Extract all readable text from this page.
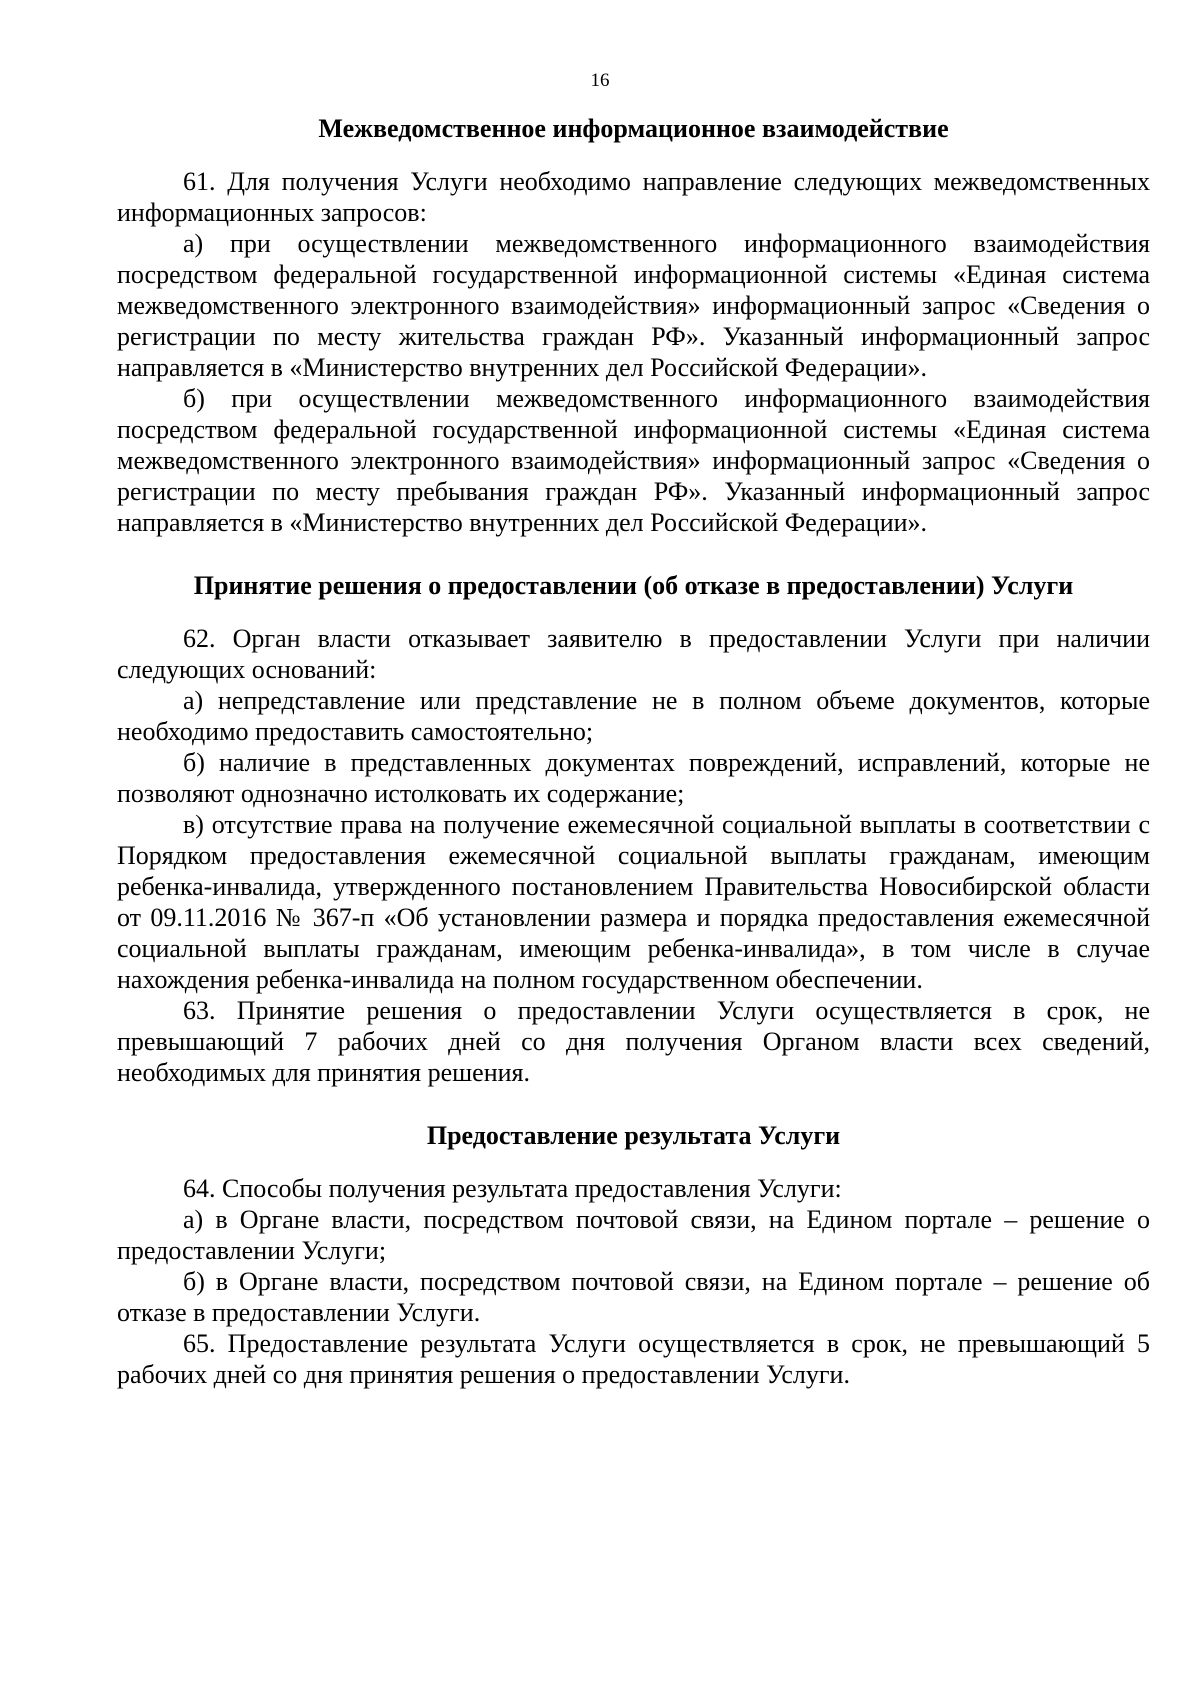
16
Межведомственное информационное взаимодействие

61. Для получения Услуги необходимо направление следующих межведомственных информационных запросов:

а) при осуществлении межведомственного информационного взаимодействия посредством федеральной государственной информационной системы «Единая система межведомственного электронного взаимодействия» информационный запрос «Сведения о регистрации по месту жительства граждан РФ». Указанный информационный запрос направляется в «Министерство внутренних дел Российской Федерации».

б) при осуществлении межведомственного информационного взаимодействия посредством федеральной государственной информационной системы «Единая система межведомственного электронного взаимодействия» информационный запрос «Сведения о регистрации по месту пребывания граждан РФ». Указанный информационный запрос направляется в «Министерство внутренних дел Российской Федерации».

Принятие решения о предоставлении (об отказе в предоставлении) Услуги

62. Орган власти отказывает заявителю в предоставлении Услуги при наличии следующих оснований:

а) непредставление или представление не в полном объеме документов, которые необходимо предоставить самостоятельно;

б) наличие в представленных документах повреждений, исправлений, которые не позволяют однозначно истолковать их содержание;

в) отсутствие права на получение ежемесячной социальной выплаты в соответствии с Порядком предоставления ежемесячной социальной выплаты гражданам, имеющим ребенка-инвалида, утвержденного постановлением Правительства Новосибирской области от 09.11.2016 № 367-п «Об установлении размера и порядка предоставления ежемесячной социальной выплаты гражданам, имеющим ребенка-инвалида», в том числе в случае нахождения ребенка-инвалида на полном государственном обеспечении.

63. Принятие решения о предоставлении Услуги осуществляется в срок, не превышающий 7 рабочих дней со дня получения Органом власти всех сведений, необходимых для принятия решения.

Предоставление результата Услуги

64. Способы получения результата предоставления Услуги:

а) в Органе власти, посредством почтовой связи, на Едином портале – решение о предоставлении Услуги;

б) в Органе власти, посредством почтовой связи, на Едином портале – решение об отказе в предоставлении Услуги.

65. Предоставление результата Услуги осуществляется в срок, не превышающий 5 рабочих дней со дня принятия решения о предоставлении Услуги.
